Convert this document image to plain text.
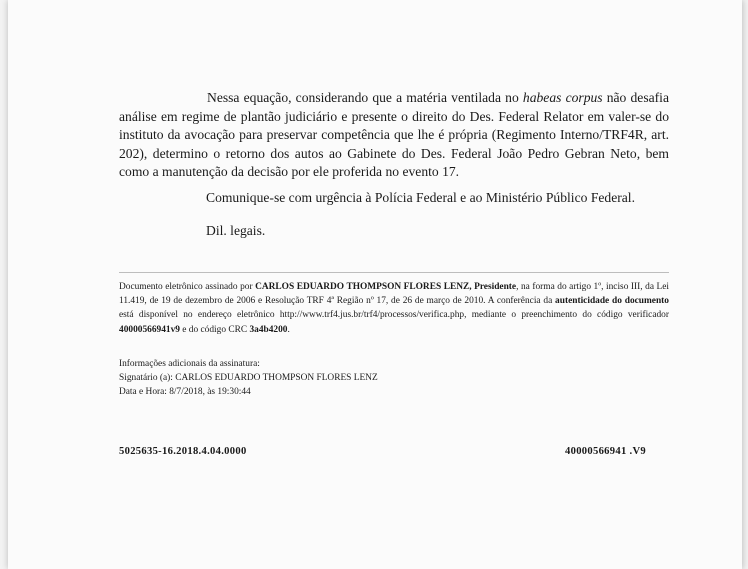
Nessa equação, considerando que a matéria ventilada no habeas corpus não desafia análise em regime de plantão judiciário e presente o direito do Des. Federal Relator em valer-se do instituto da avocação para preservar competência que lhe é própria (Regimento Interno/TRF4R, art. 202), determino o retorno dos autos ao Gabinete do Des. Federal João Pedro Gebran Neto, bem como a manutenção da decisão por ele proferida no evento 17.

Comunique-se com urgência à Polícia Federal e ao Ministério Público Federal.

Dil. legais.

Documento eletrônico assinado por CARLOS EDUARDO THOMPSON FLORES LENZ, Presidente, na forma do artigo 1º, inciso III, da Lei 11.419, de 19 de dezembro de 2006 e Resolução TRF 4ª Região nº 17, de 26 de março de 2010. A conferência da autenticidade do documento está disponível no endereço eletrônico http://www.trf4.jus.br/trf4/processos/verifica.php, mediante o preenchimento do código verificador 40000566941v9 e do código CRC 3a4b4200.
Informações adicionais da assinatura:
Signatário (a): CARLOS EDUARDO THOMPSON FLORES LENZ
Data e Hora: 8/7/2018, às 19:30:44
5025635-16.2018.4.04.0000	40000566941 .V9
